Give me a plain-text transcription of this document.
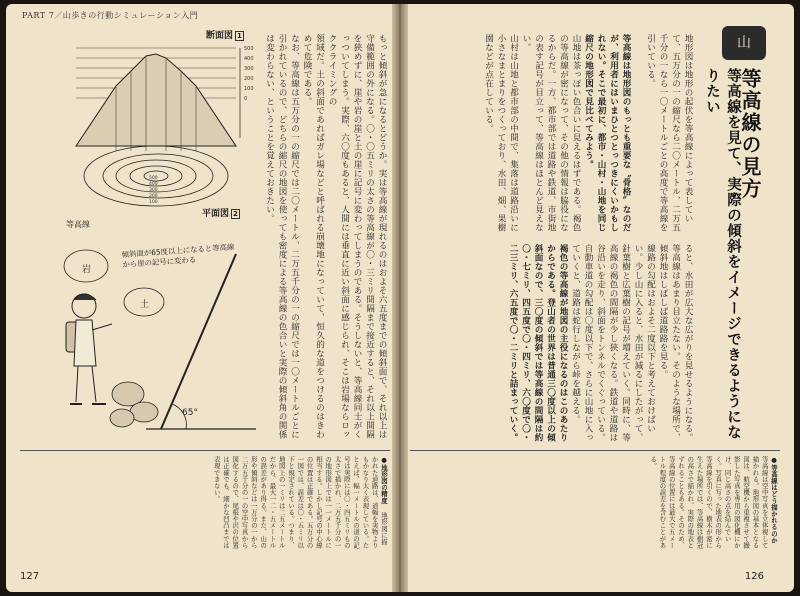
PART 7／山歩きの行動シミュレーション入門
断面図 1
500
400
300
200
100
0
500
400
300
200
100
平面図 2
等高線
岩
土
65°
傾斜面が65度以上になると等高線から崖の記号に変わる	もっと傾斜が急になるとどうか。実は等高線が現れるのはおよそ六五度までの傾斜面で、それ以上は守備範囲の外になる。〇・〇五ミリの太さの等高線が〇・三ミリ間隔まで接近すると、それ以上間隔を狭めずに、崖や岩の崖と土の崖に記号に変わってしまうのである。そうしないと、等高線同士がくっついてしまう。実際、六〇度もあると、人間には垂直に近い斜面に感じられ、そこは岩場ならロッククライミングの

領域だ。土の斜面であればガレ場などと呼ばれる崩壊地になっていて、恒久的な道をつけるのはきわめて危険である。

なお、等高線は五万分の一の縮尺では二〇メートル、二万五千分の一の縮尺では一〇メートルごとに引かれているので、どちらの縮尺の地図を使っても密度による等高線の色合いと実際の傾斜角の関係は変わらない、ということを覚えておきたい。

●地形図の精度 地形図に描かれた道路は、道幅を実物よりもかなり太く表現している。たとえば、幅一メートルの道の記号は実際には〇・四五ミリもの太さで描かれ、二万五千分の一の地形図上では一一メートルに相当する。しかし記号の中心線の位置は正確である。五万分の一図では、誤差は〇・五ミリ以下と規定されている。つまり、地図上の一ミリは二五メートルだから、最大一二・五メートルの誤差があり得る。また、山の形や傾斜などは一万分の一から二万五千分の一の空中写真から図化するので、尾根や沢の位置は正確でも、細かな凹凸までは表現できない。
127
山
等高線の見方
等高線を見て、実際の傾斜をイメージできるようになりたい

地形図は地形の起伏を等高線によって表していて、五万分の一の縮尺なら二〇メートル、二万五千分の一なら一〇メートルごとの高度で等高線を引いている。

等高線は地形図のもっとも重要な〝骨格〟なのだが、利用者にはいまひとつとっつきにくいかもしれない。そこで最初に、都市・山村・山地を同じ縮尺の地形図で見比べてみよう。

山地は茶っぽい色合いに見えるはずである。褐色の等高線が密になって、その他の情報は脇役になるからだ。一方、都市部では道路や鉄道、市街地の表す記号が目立って、等高線はほとんど見えない。

山村は山地と都市部の中間で、集落は道路沿いに小さなまとまりをつくっており、水田、畑、果樹園などが点在している。

ると、水田が広大な広がりを見せるようになる。等高線はあまり目立たない。そのような場所で、傾斜地はしばしば道路路を見る。

線路の勾配はおよそ二度以下と考えておけばいい。少し山に入ると、水田が減るにしたがって、針葉樹と広葉樹の記号が増えていく。同時に、等高線の褐色の間隔が少し狭くなる。鉄道や道路は谷沿いを走り、斜面をトンネルでくぐっている。自動車道の勾配は〇度以下で、さらに山地に入っていくと、道路は蛇行しながら峠を越える。

褐色の等高線が地図の主役になるのはこのあたりからである。登山者の世界は普通三〇度以上の傾斜面なので、三〇度の傾斜では等高線の間隔は約〇・七ミリ、四五度で〇・四ミリ、六〇度で〇・二三ミリ、六五度で〇・二ミリと詰まっていく。

●等高線はどう描かれるのか 等高線は空中写真を立体視して描かれる。地形図の基本となる図は、航空機から重複させて撮影した写真を専用の図化機にかけ、同じ高さの点を結んでいく。写真に写った地表の形から等高線を引くので、樹木が密に生えた場所では、等高線は樹冠の高さで描かれ、実際の地表とずれることもある。そのため、等高線の位置には最大で五メートル程度の誤差を含むことがある。
126
